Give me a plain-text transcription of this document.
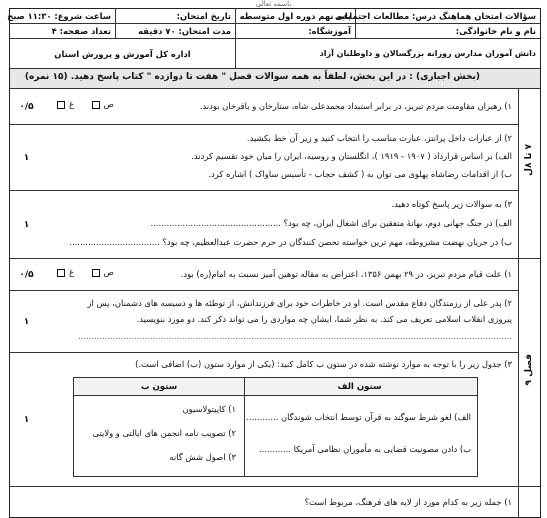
باسمه تعالی
سؤالات امتحان هماهنگ درس: مطالعات اجتماعی
پایه نهم دوره اول متوسطه
تاریخ امتحان:
ساعت شروع: ۱۱:۳۰ صبح
نام و نام خانوادگی:
آموزشگاه:
مدت امتحان: ۷۰ دقیقه
تعداد صفحه: ۴
دانش آموزان مدارس روزانه بزرگسالان و داوطلبان آزاد
اداره کل آموزش و پرورش استان
(بخش اجباری) : در این بخش، لطفاً به همه سوالات فصل " هفت تا دوازده " کتاب پاسخ دهید. (۱۵ نمره)
۷ تا ۸ل
فصل ۹
۰/۵	۱) رهبران مقاومت مردم تبریز، در برابر استبداد محمدعلی شاه، ستارخان و باقرخان بودند.
ص     غ
۱
۲) از عبارات داخل پرانتز، عبارت مناسب را انتخاب کنید و زیر آن خط بکشید.
الف) بر اساس قرارداد ( ۱۹۰۷ - ۱۹۱۹ )، انگلستان و روسیه، ایران را میان خود تقسیم کردند.
ب) از اقدامات رضاشاه پهلوی می توان به ( کشف حجاب - تأسیس ساواک ) اشاره کرد.
۱
۳) به سوالات زیر پاسخ کوتاه دهید.
الف) در جنگ جهانی دوم، بهانهٔ متفقین برای اشغال ایران، چه بود؟ .................................................
ب) در جریان نهضت مشروطه، مهم ترین خواسته تحصن کنندگان در حرم حضرت عبدالعظیم، چه بود؟ ..................................
۰/۵	۱) علت قیام مردم تبریز، در ۲۹ بهمن ۱۳۵۶، اعتراض به مقاله توهین آمیز نسبت به امام(ره) بود.
ص     غ
۱
۲) پدر علی از رزمندگان دفاع مقدس است. او در خاطرات خود برای فرزندانش، از توطئه ها و دسیسه های دشمنان، پس از
پیروزی انقلاب اسلامی تعریف می کند. به نظر شما، ایشان چه مواردی را می تواند ذکر کند. دو مورد بنویسید.
...................................................................................................................................................................
۱
۳) جدول زیر را با توجه به موارد نوشته شده در ستون ب کامل کنید: (یکی از موارد ستون (ب) اضافی است.)
ستون الف
ستون ب
الف) لغو شرط سوگند به قرآن توسط انتخاب شوندگان ............
ب) دادن مصونیت قضایی به مأموران نظامی آمریکا ............
۱) کاپیتولاسیون
۲) تصویب نامه انجمن های ایالتی و ولایتی
۳) اصول شش گانه
۱) جمله زیر به کدام مورد از لایه های فرهنگ، مربوط است؟
